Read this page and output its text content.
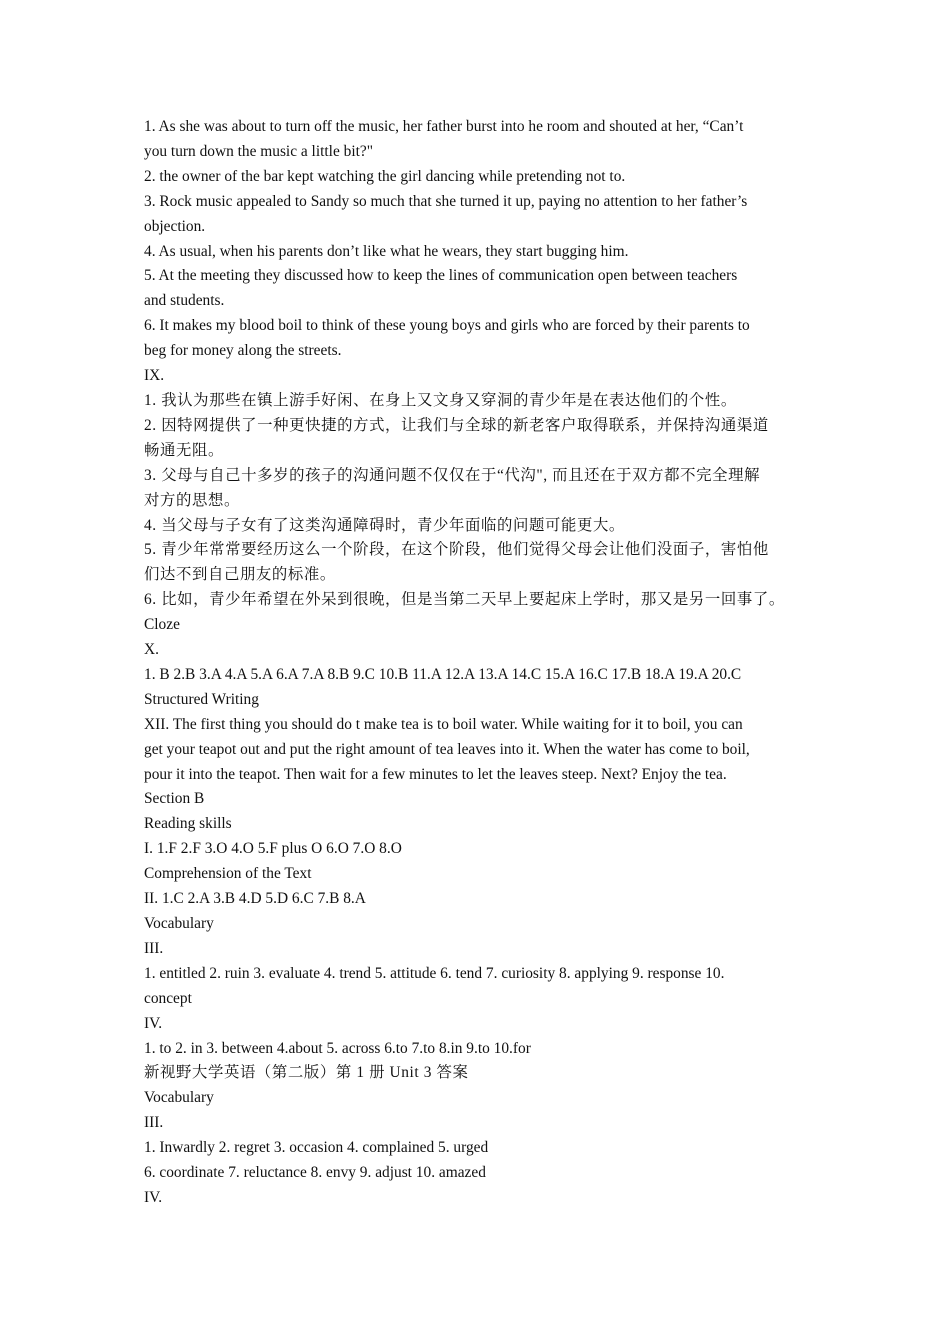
1. As she was about to turn off the music, her father burst into he room and shouted at her, “Can’t
you turn down the music a little bit?"
2. the owner of the bar kept watching the girl dancing while pretending not to.
3. Rock music appealed to Sandy so much that she turned it up, paying no attention to her father’s
objection.
4. As usual, when his parents don’t like what he wears, they start bugging him.
5. At the meeting they discussed how to keep the lines of communication open between teachers
and students.
6. It makes my blood boil to think of these young boys and girls who are forced by their parents to
beg for money along the streets.
IX.
1. 我认为那些在镇上游手好闲、在身上又文身又穿洞的青少年是在表达他们的个性。
2. 因特网提供了一种更快捷的方式，让我们与全球的新老客户取得联系，并保持沟通渠道
畅通无阻。
3. 父母与自己十多岁的孩子的沟通问题不仅仅在于“代沟", 而且还在于双方都不完全理解
对方的思想。
4. 当父母与子女有了这类沟通障碍时，青少年面临的问题可能更大。
5. 青少年常常要经历这么一个阶段，在这个阶段，他们觉得父母会让他们没面子，害怕他
们达不到自己朋友的标准。
6. 比如，青少年希望在外呆到很晚，但是当第二天早上要起床上学时，那又是另一回事了。
Cloze
X.
1. B 2.B 3.A 4.A 5.A 6.A 7.A 8.B 9.C 10.B 11.A 12.A 13.A 14.C 15.A 16.C 17.B 18.A 19.A 20.C
Structured Writing
XII. The first thing you should do t make tea is to boil water. While waiting for it to boil, you can
get your teapot out and put the right amount of tea leaves into it. When the water has come to boil,
pour it into the teapot. Then wait for a few minutes to let the leaves steep. Next? Enjoy the tea.
Section B
Reading skills
I. 1.F 2.F 3.O 4.O 5.F plus O 6.O 7.O 8.O
Comprehension of the Text
II. 1.C 2.A 3.B 4.D 5.D 6.C 7.B 8.A
Vocabulary
III.
1. entitled 2. ruin 3. evaluate 4. trend 5. attitude 6. tend 7. curiosity 8. applying 9. response 10.
concept
IV.
1. to 2. in 3. between 4.about 5. across 6.to 7.to 8.in 9.to 10.for
新视野大学英语（第二版）第 1 册 Unit 3 答案
Vocabulary
III.
1. Inwardly 2. regret 3. occasion 4. complained 5. urged
6. coordinate 7. reluctance 8. envy 9. adjust 10. amazed
IV.
